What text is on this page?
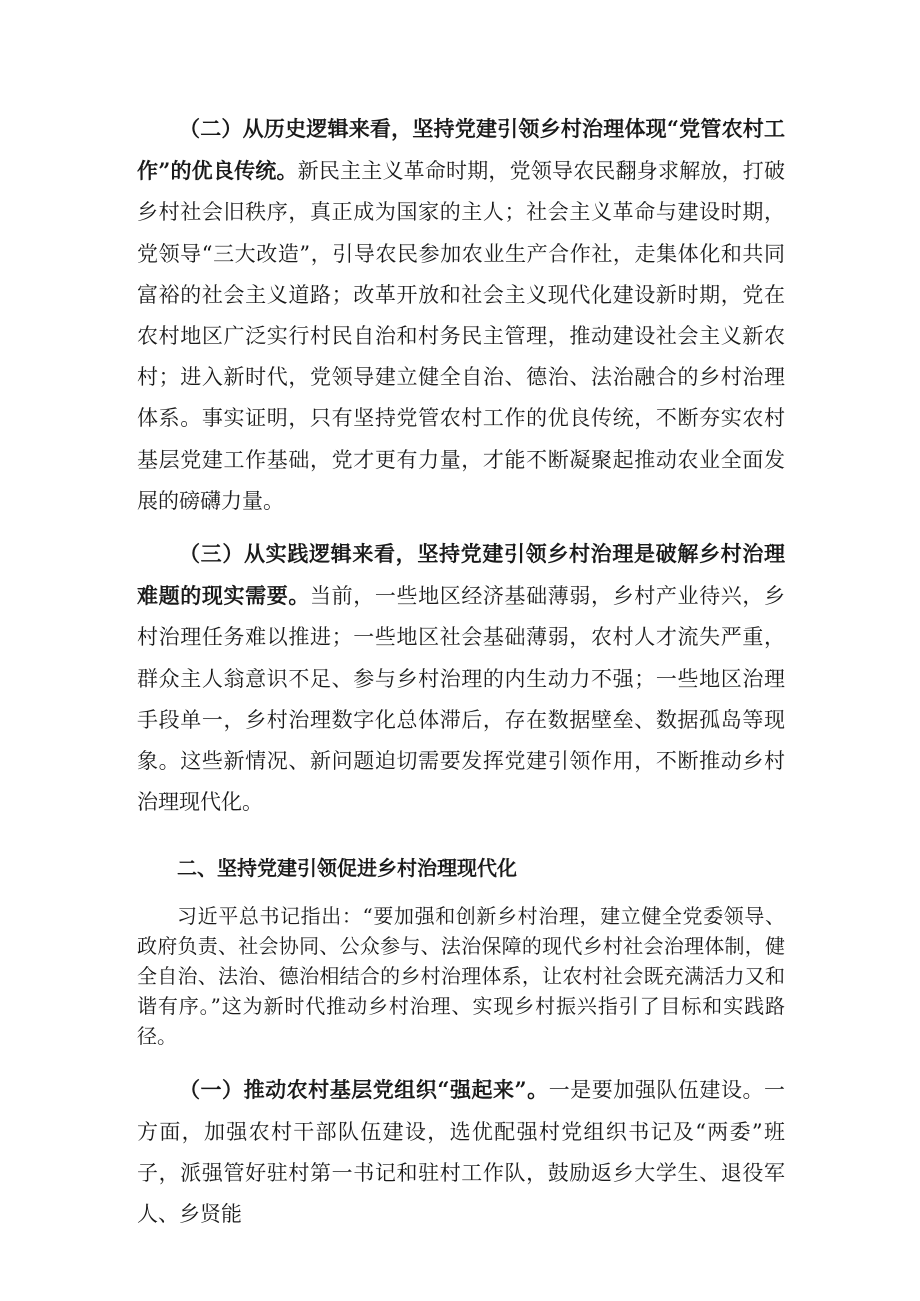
（二）从历史逻辑来看，坚持党建引领乡村治理体现“党管农村工作”的优良传统。新民主主义革命时期，党领导农民翻身求解放，打破乡村社会旧秩序，真正成为国家的主人；社会主义革命与建设时期，党领导“三大改造”，引导农民参加农业生产合作社，走集体化和共同富裕的社会主义道路；改革开放和社会主义现代化建设新时期，党在农村地区广泛实行村民自治和村务民主管理，推动建设社会主义新农村；进入新时代，党领导建立健全自治、德治、法治融合的乡村治理体系。事实证明，只有坚持党管农村工作的优良传统，不断夯实农村基层党建工作基础，党才更有力量，才能不断凝聚起推动农业全面发展的磅礴力量。

（三）从实践逻辑来看，坚持党建引领乡村治理是破解乡村治理难题的现实需要。当前，一些地区经济基础薄弱，乡村产业待兴，乡村治理任务难以推进；一些地区社会基础薄弱，农村人才流失严重，群众主人翁意识不足、参与乡村治理的内生动力不强；一些地区治理手段单一，乡村治理数字化总体滞后，存在数据壁垒、数据孤岛等现象。这些新情况、新问题迫切需要发挥党建引领作用，不断推动乡村治理现代化。

二、坚持党建引领促进乡村治理现代化

习近平总书记指出：“要加强和创新乡村治理，建立健全党委领导、政府负责、社会协同、公众参与、法治保障的现代乡村社会治理体制，健全自治、法治、德治相结合的乡村治理体系，让农村社会既充满活力又和谐有序。”这为新时代推动乡村治理、实现乡村振兴指引了目标和实践路径。

（一）推动农村基层党组织“强起来”。一是要加强队伍建设。一方面，加强农村干部队伍建设，选优配强村党组织书记及“两委”班子，派强管好驻村第一书记和驻村工作队，鼓励返乡大学生、退役军人、乡贤能
